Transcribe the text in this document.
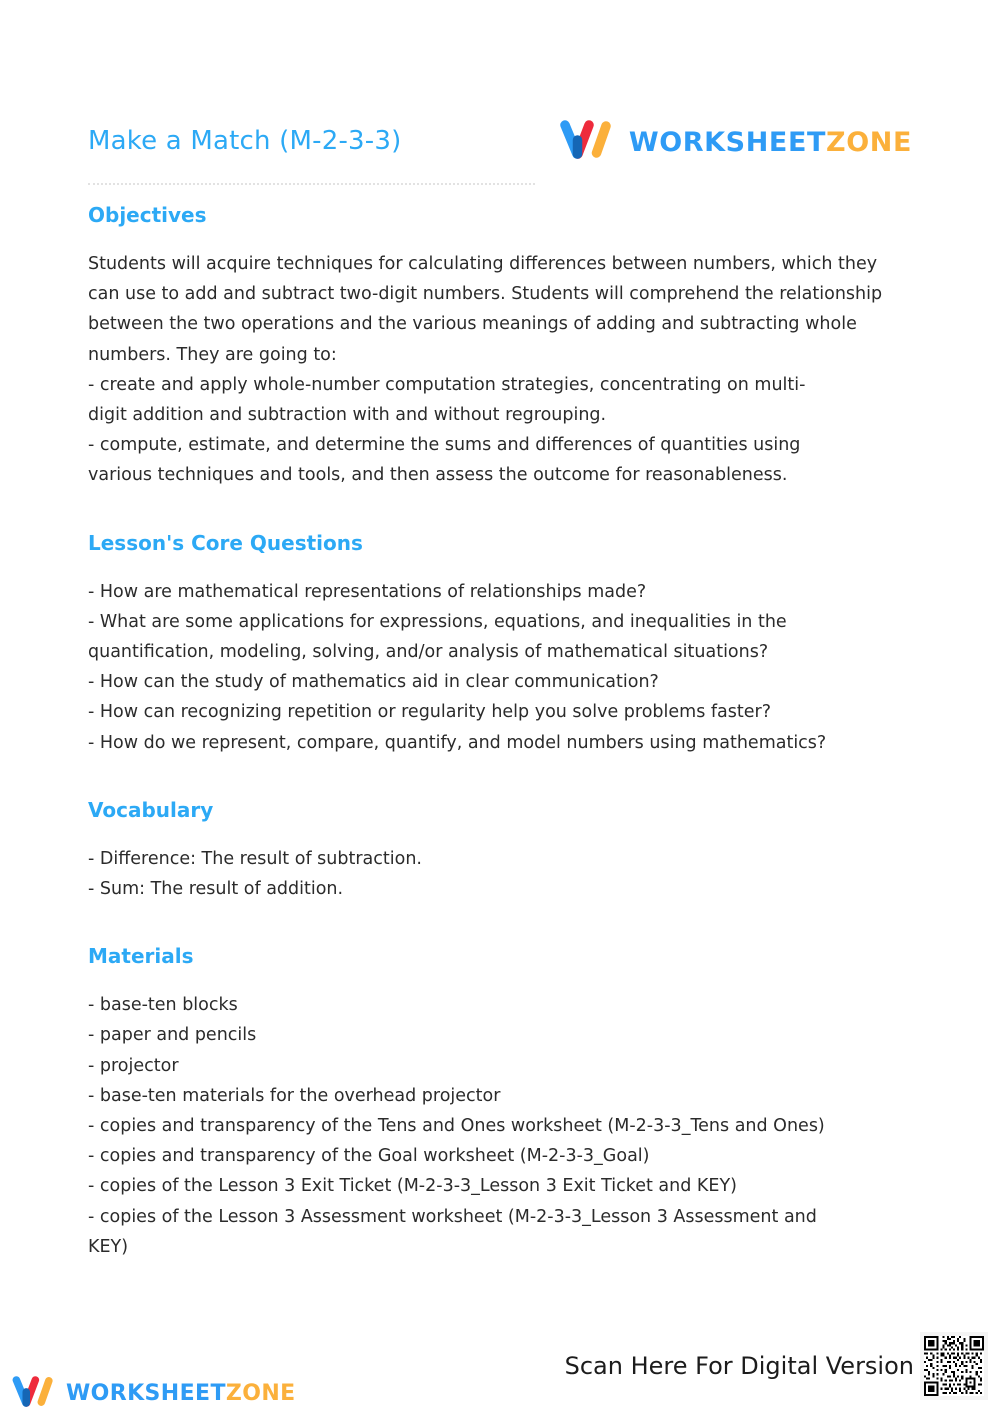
Make a Match (M-2-3-3)	WORKSHEETZONE
Objectives

Students will acquire techniques for calculating differences between numbers, which they
can use to add and subtract two-digit numbers. Students will comprehend the relationship
between the two operations and the various meanings of adding and subtracting whole
numbers. They are going to:
- create and apply whole-number computation strategies, concentrating on multi-
digit addition and subtraction with and without regrouping.
- compute, estimate, and determine the sums and differences of quantities using
various techniques and tools, and then assess the outcome for reasonableness.

Lesson's Core Questions

- How are mathematical representations of relationships made?
- What are some applications for expressions, equations, and inequalities in the
quantification, modeling, solving, and/or analysis of mathematical situations?
- How can the study of mathematics aid in clear communication?
- How can recognizing repetition or regularity help you solve problems faster?
- How do we represent, compare, quantify, and model numbers using mathematics?

Vocabulary

- Difference: The result of subtraction.
- Sum: The result of addition.

Materials

- base-ten blocks
- paper and pencils
- projector
- base-ten materials for the overhead projector
- copies and transparency of the Tens and Ones worksheet (M-2-3-3_Tens and Ones)
- copies and transparency of the Goal worksheet (M-2-3-3_Goal)
- copies of the Lesson 3 Exit Ticket (M-2-3-3_Lesson 3 Exit Ticket and KEY)
- copies of the Lesson 3 Assessment worksheet (M-2-3-3_Lesson 3 Assessment and
KEY)

WORKSHEETZONE
Scan Here For Digital Version
